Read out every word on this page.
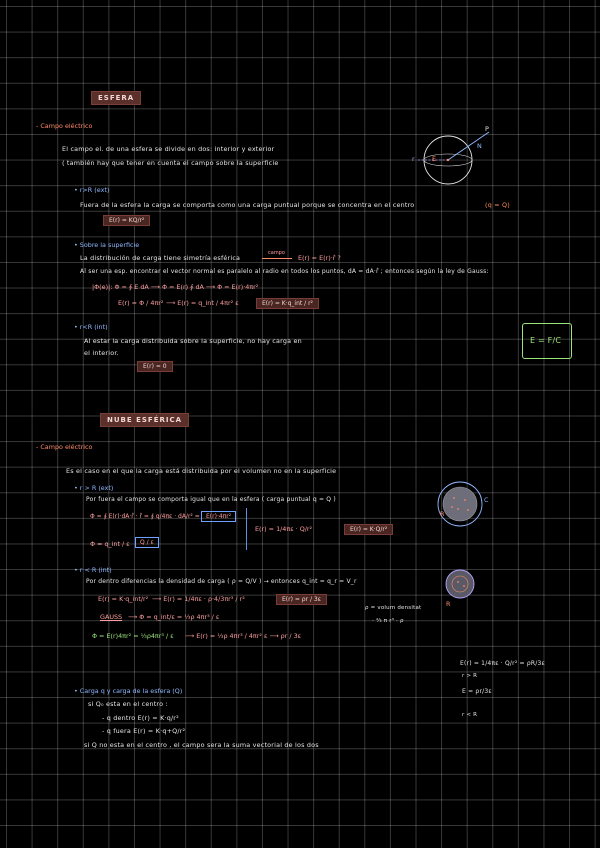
ESFERA
- Campo eléctrico
El campo el. de una esfera se divide en dos: interior y exterior
( también hay que tener en cuenta el campo sobre la superficie
P
r
N
E
• r>R (ext)
Fuera de la esfera la carga se comporta como una carga puntual porque se concentra en el centro	(q = Q)
E(r) = KQ/r²
• Sobre la superficie
La distribución de carga tiene simetría esférica
campo
E(r) = E(r)·r̂ ?
Al ser una esp. encontrar el vector normal es paralelo al radio en todos los puntos, dA = dA·r̂ ; entonces según la ley de Gauss:
|Φ(e)|: Φ = ∮ E dA ⟶ Φ = E(r) ∮ dA ⟶ Φ = E(r)·4πr²
E(r) = Φ / 4πr² ⟶ E(r) = q_int / 4πr² ε	E(r) = K·q_int / r²
• r<R (int)
Al estar la carga distribuida sobre la superficie, no hay carga en
el interior.
E(r) = 0
E = F/C
NUBE ESFÉRICA
- Campo eléctrico
Es el caso en el que la carga está distribuida por el volumen no en la superficie
• r > R (ext)
Por fuera el campo se comporta igual que en la esfera ( carga puntual q = Q )
Φ = ∮ E(r)·dA·r̂ · r̂ = ∮ q/4πε · dA/r² =	E(r)·4πr²
Φ = q_int / ε	Q / ε
E(r) = 1/4πε · Q/r²	E(r) = K·Q/r²
R
C
• r < R (int)
Por dentro diferencias la densidad de carga ( ρ = Q/V ) → entonces q_int = q_r = V_r
E(r) = K·q_int/r² ⟶ E(r) = 1/4πε · ρ·4/3πr³ / r²	E(r) = ρr / 3ε
GAUSS ⟶ Φ = q_int/ε = ⅓ρ 4πr³ / ε
Φ = E(r)4πr² = ⅓ρ4πr³ / ε ⟶ E(r) = ⅓ρ 4πr³ / 4πr² ε ⟶ ρr / 3ε
ρ = volum densitat
· ⁴⁄₃ π r³ · ρ
R
E(r) = 1/4πε · Q/r² = ρR/3ε
r > R
E = ρr/3ε
r < R
• Carga q y carga de la esfera (Q)
si Q₀ esta en el centro :
- q dentro E(r) = K·q/r²
- q fuera E(r) = K·q+Q/r²
si Q no esta en el centro , el campo sera la suma vectorial de los dos
